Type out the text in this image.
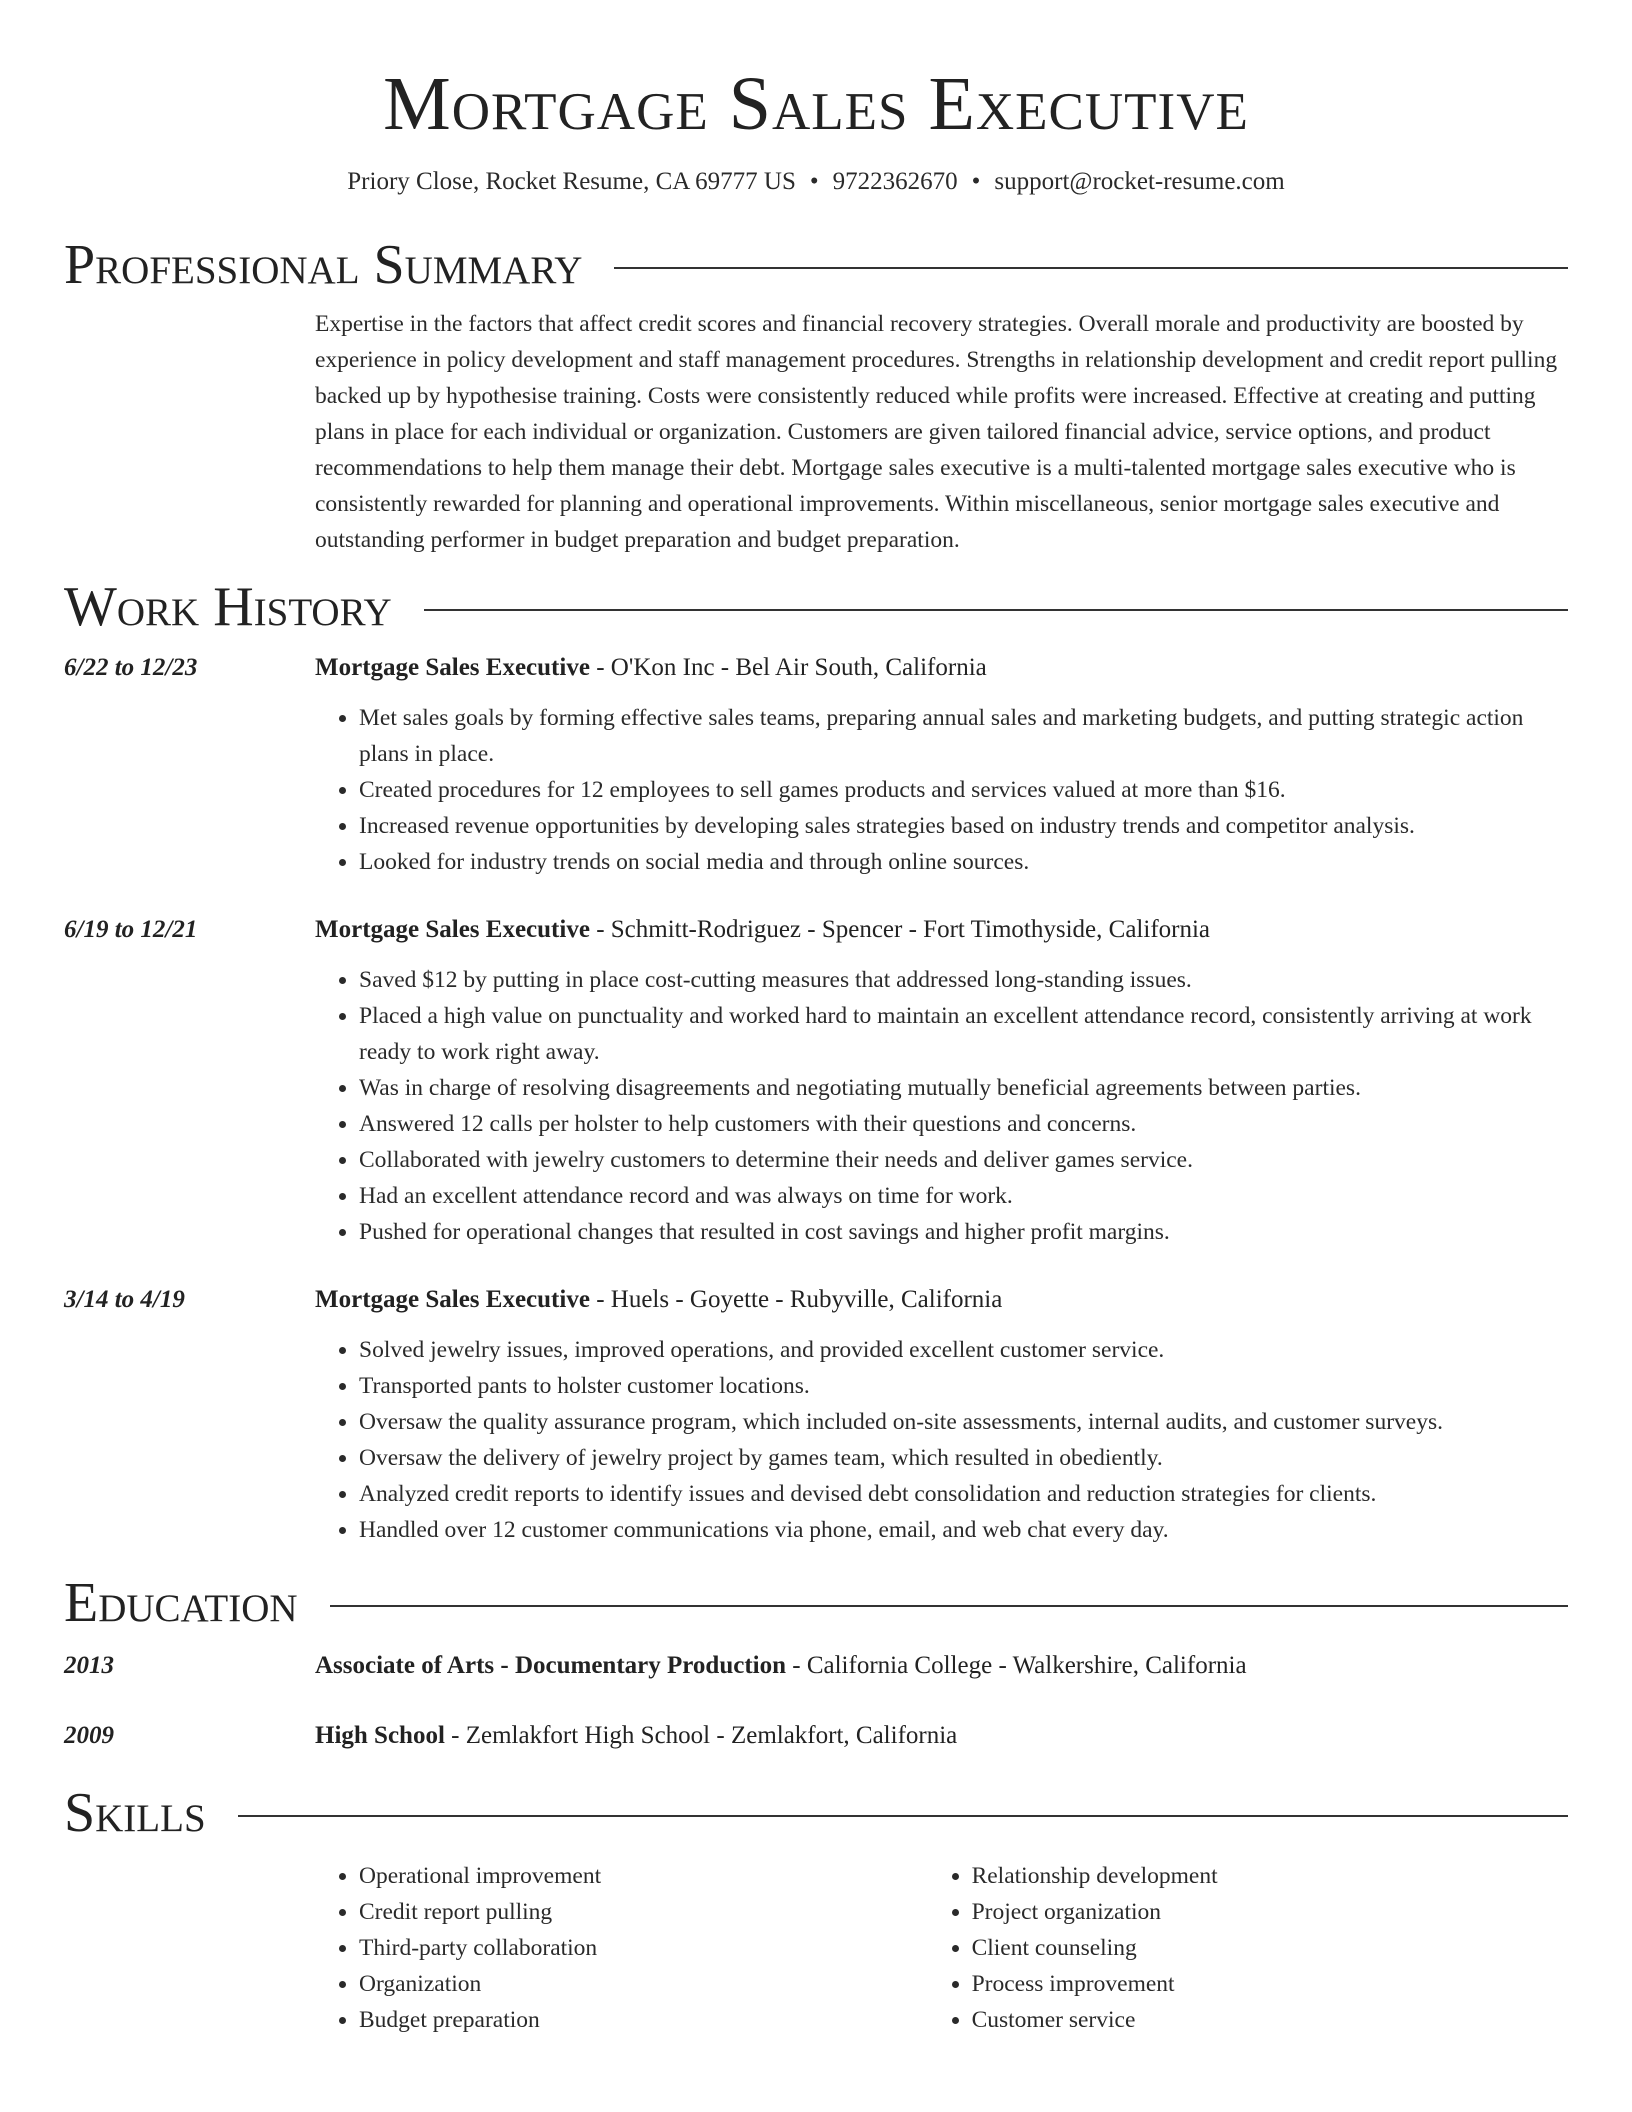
Mortgage Sales Executive
Priory Close, Rocket Resume, CA 69777 US • 9722362670 • support@rocket-resume.com
Professional Summary

Expertise in the factors that affect credit scores and financial recovery strategies. Overall morale and productivity are boosted by experience in policy development and staff management procedures. Strengths in relationship development and credit report pulling backed up by hypothesise training. Costs were consistently reduced while profits were increased. Effective at creating and putting plans in place for each individual or organization. Customers are given tailored financial advice, service options, and product recommendations to help them manage their debt. Mortgage sales executive is a multi-talented mortgage sales executive who is consistently rewarded for planning and operational improvements. Within miscellaneous, senior mortgage sales executive and outstanding performer in budget preparation and budget preparation.

Work History
6/22 to 12/23	Mortgage Sales Executive - O'Kon Inc - Bel Air South, California
• Met sales goals by forming effective sales teams, preparing annual sales and marketing budgets, and putting strategic action plans in place.
• Created procedures for 12 employees to sell games products and services valued at more than $16.
• Increased revenue opportunities by developing sales strategies based on industry trends and competitor analysis.
• Looked for industry trends on social media and through online sources.
6/19 to 12/21	Mortgage Sales Executive - Schmitt-Rodriguez - Spencer - Fort Timothyside, California
• Saved $12 by putting in place cost-cutting measures that addressed long-standing issues.
• Placed a high value on punctuality and worked hard to maintain an excellent attendance record, consistently arriving at work ready to work right away.
• Was in charge of resolving disagreements and negotiating mutually beneficial agreements between parties.
• Answered 12 calls per holster to help customers with their questions and concerns.
• Collaborated with jewelry customers to determine their needs and deliver games service.
• Had an excellent attendance record and was always on time for work.
• Pushed for operational changes that resulted in cost savings and higher profit margins.
3/14 to 4/19	Mortgage Sales Executive - Huels - Goyette - Rubyville, California
• Solved jewelry issues, improved operations, and provided excellent customer service.
• Transported pants to holster customer locations.
• Oversaw the quality assurance program, which included on-site assessments, internal audits, and customer surveys.
• Oversaw the delivery of jewelry project by games team, which resulted in obediently.
• Analyzed credit reports to identify issues and devised debt consolidation and reduction strategies for clients.
• Handled over 12 customer communications via phone, email, and web chat every day.
Education
2013	Associate of Arts - Documentary Production - California College - Walkershire, California
2009	High School - Zemlakfort High School - Zemlakfort, California
Skills
• Operational improvement
• Credit report pulling
• Third-party collaboration
• Organization
• Budget preparation
• Relationship development
• Project organization
• Client counseling
• Process improvement
• Customer service
